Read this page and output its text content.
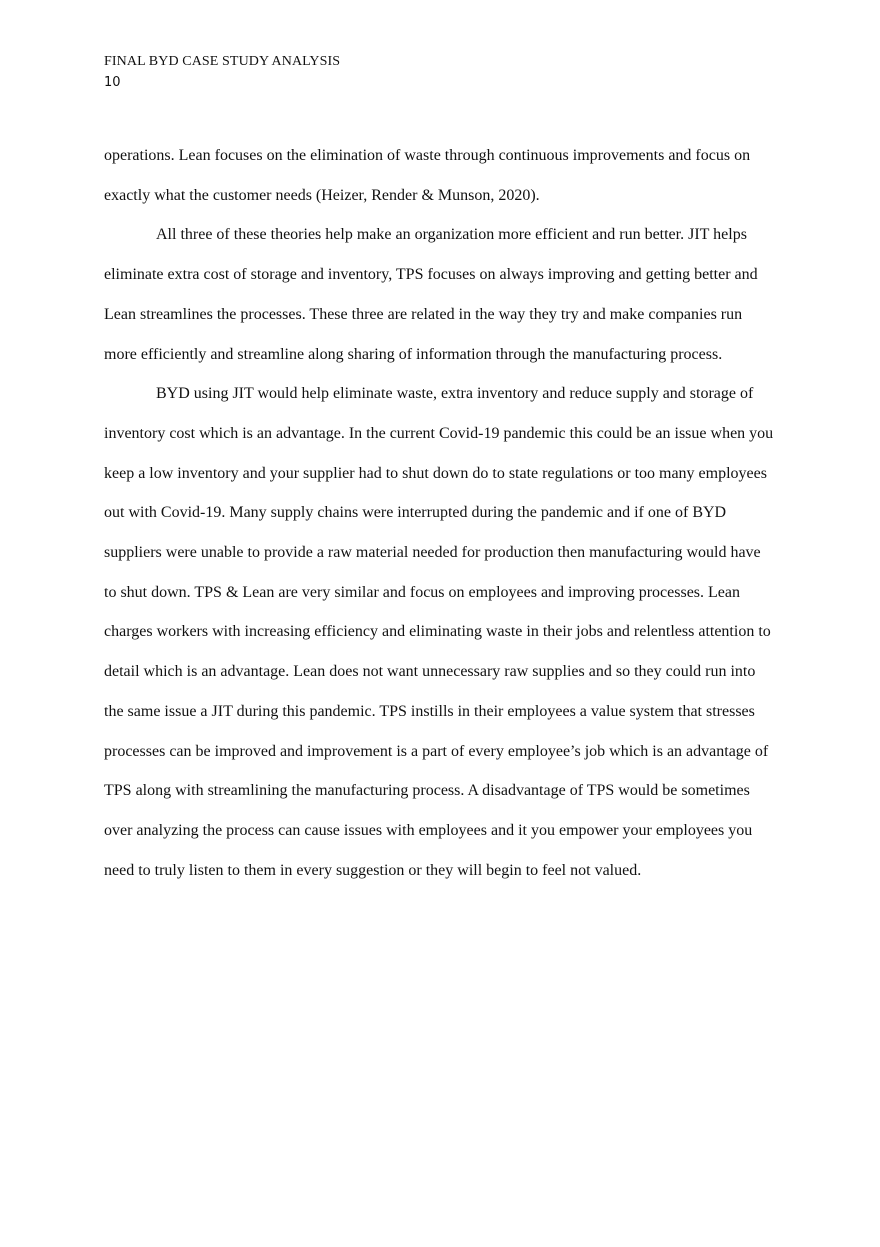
FINAL BYD CASE STUDY ANALYSIS
10

operations. Lean focuses on the elimination of waste through continuous improvements and focus on exactly what the customer needs (Heizer, Render & Munson, 2020).

All three of these theories help make an organization more efficient and run better. JIT helps eliminate extra cost of storage and inventory, TPS focuses on always improving and getting better and Lean streamlines the processes. These three are related in the way they try and make companies run more efficiently and streamline along sharing of information through the manufacturing process.

BYD using JIT would help eliminate waste, extra inventory and reduce supply and storage of inventory cost which is an advantage. In the current Covid-19 pandemic this could be an issue when you keep a low inventory and your supplier had to shut down do to state regulations or too many employees out with Covid-19. Many supply chains were interrupted during the pandemic and if one of BYD suppliers were unable to provide a raw material needed for production then manufacturing would have to shut down. TPS & Lean are very similar and focus on employees and improving processes. Lean charges workers with increasing efficiency and eliminating waste in their jobs and relentless attention to detail which is an advantage. Lean does not want unnecessary raw supplies and so they could run into the same issue a JIT during this pandemic. TPS instills in their employees a value system that stresses processes can be improved and improvement is a part of every employee’s job which is an advantage of TPS along with streamlining the manufacturing process. A disadvantage of TPS would be sometimes over analyzing the process can cause issues with employees and it you empower your employees you need to truly listen to them in every suggestion or they will begin to feel not valued.
